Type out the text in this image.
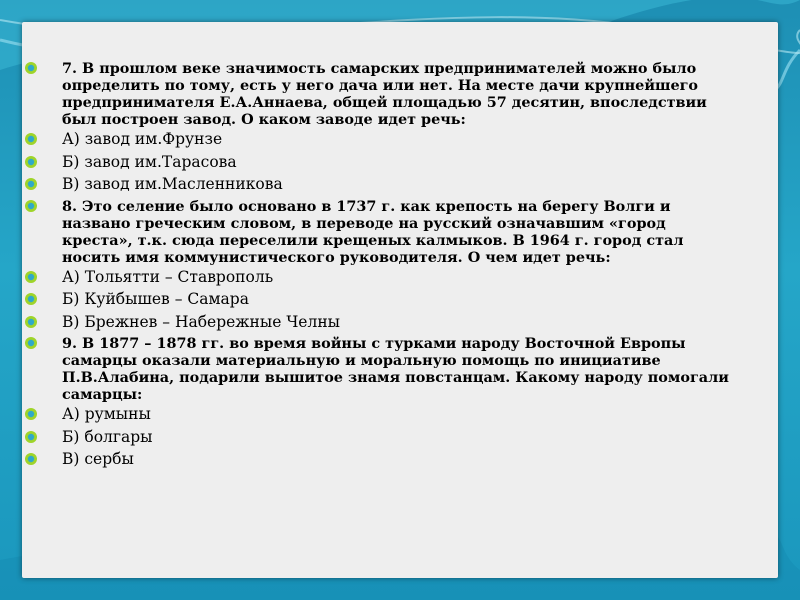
7. В прошлом веке значимость самарских предпринимателей можно было определить по тому, есть у него дача или нет. На месте дачи крупнейшего предпринимателя Е.А.Аннаева, общей площадью 57 десятин, впоследствии был построен завод. О каком заводе идет речь:
А) завод им.Фрунзе
Б) завод им.Тарасова
В) завод им.Масленникова
8. Это селение было основано в 1737 г. как крепость на берегу Волги и названо греческим словом, в переводе на русский означавшим «город креста», т.к. сюда переселили крещеных калмыков. В 1964 г. город стал носить имя коммунистического руководителя. О чем идет речь:
А) Тольятти – Ставрополь
Б) Куйбышев – Самара
В) Брежнев – Набережные Челны
9. В 1877 – 1878 гг. во время войны с турками народу Восточной Европы самарцы оказали материальную и моральную помощь по инициативе П.В.Алабина, подарили вышитое знамя повстанцам. Какому народу помогали самарцы:
А) румыны
Б) болгары
В) сербы
